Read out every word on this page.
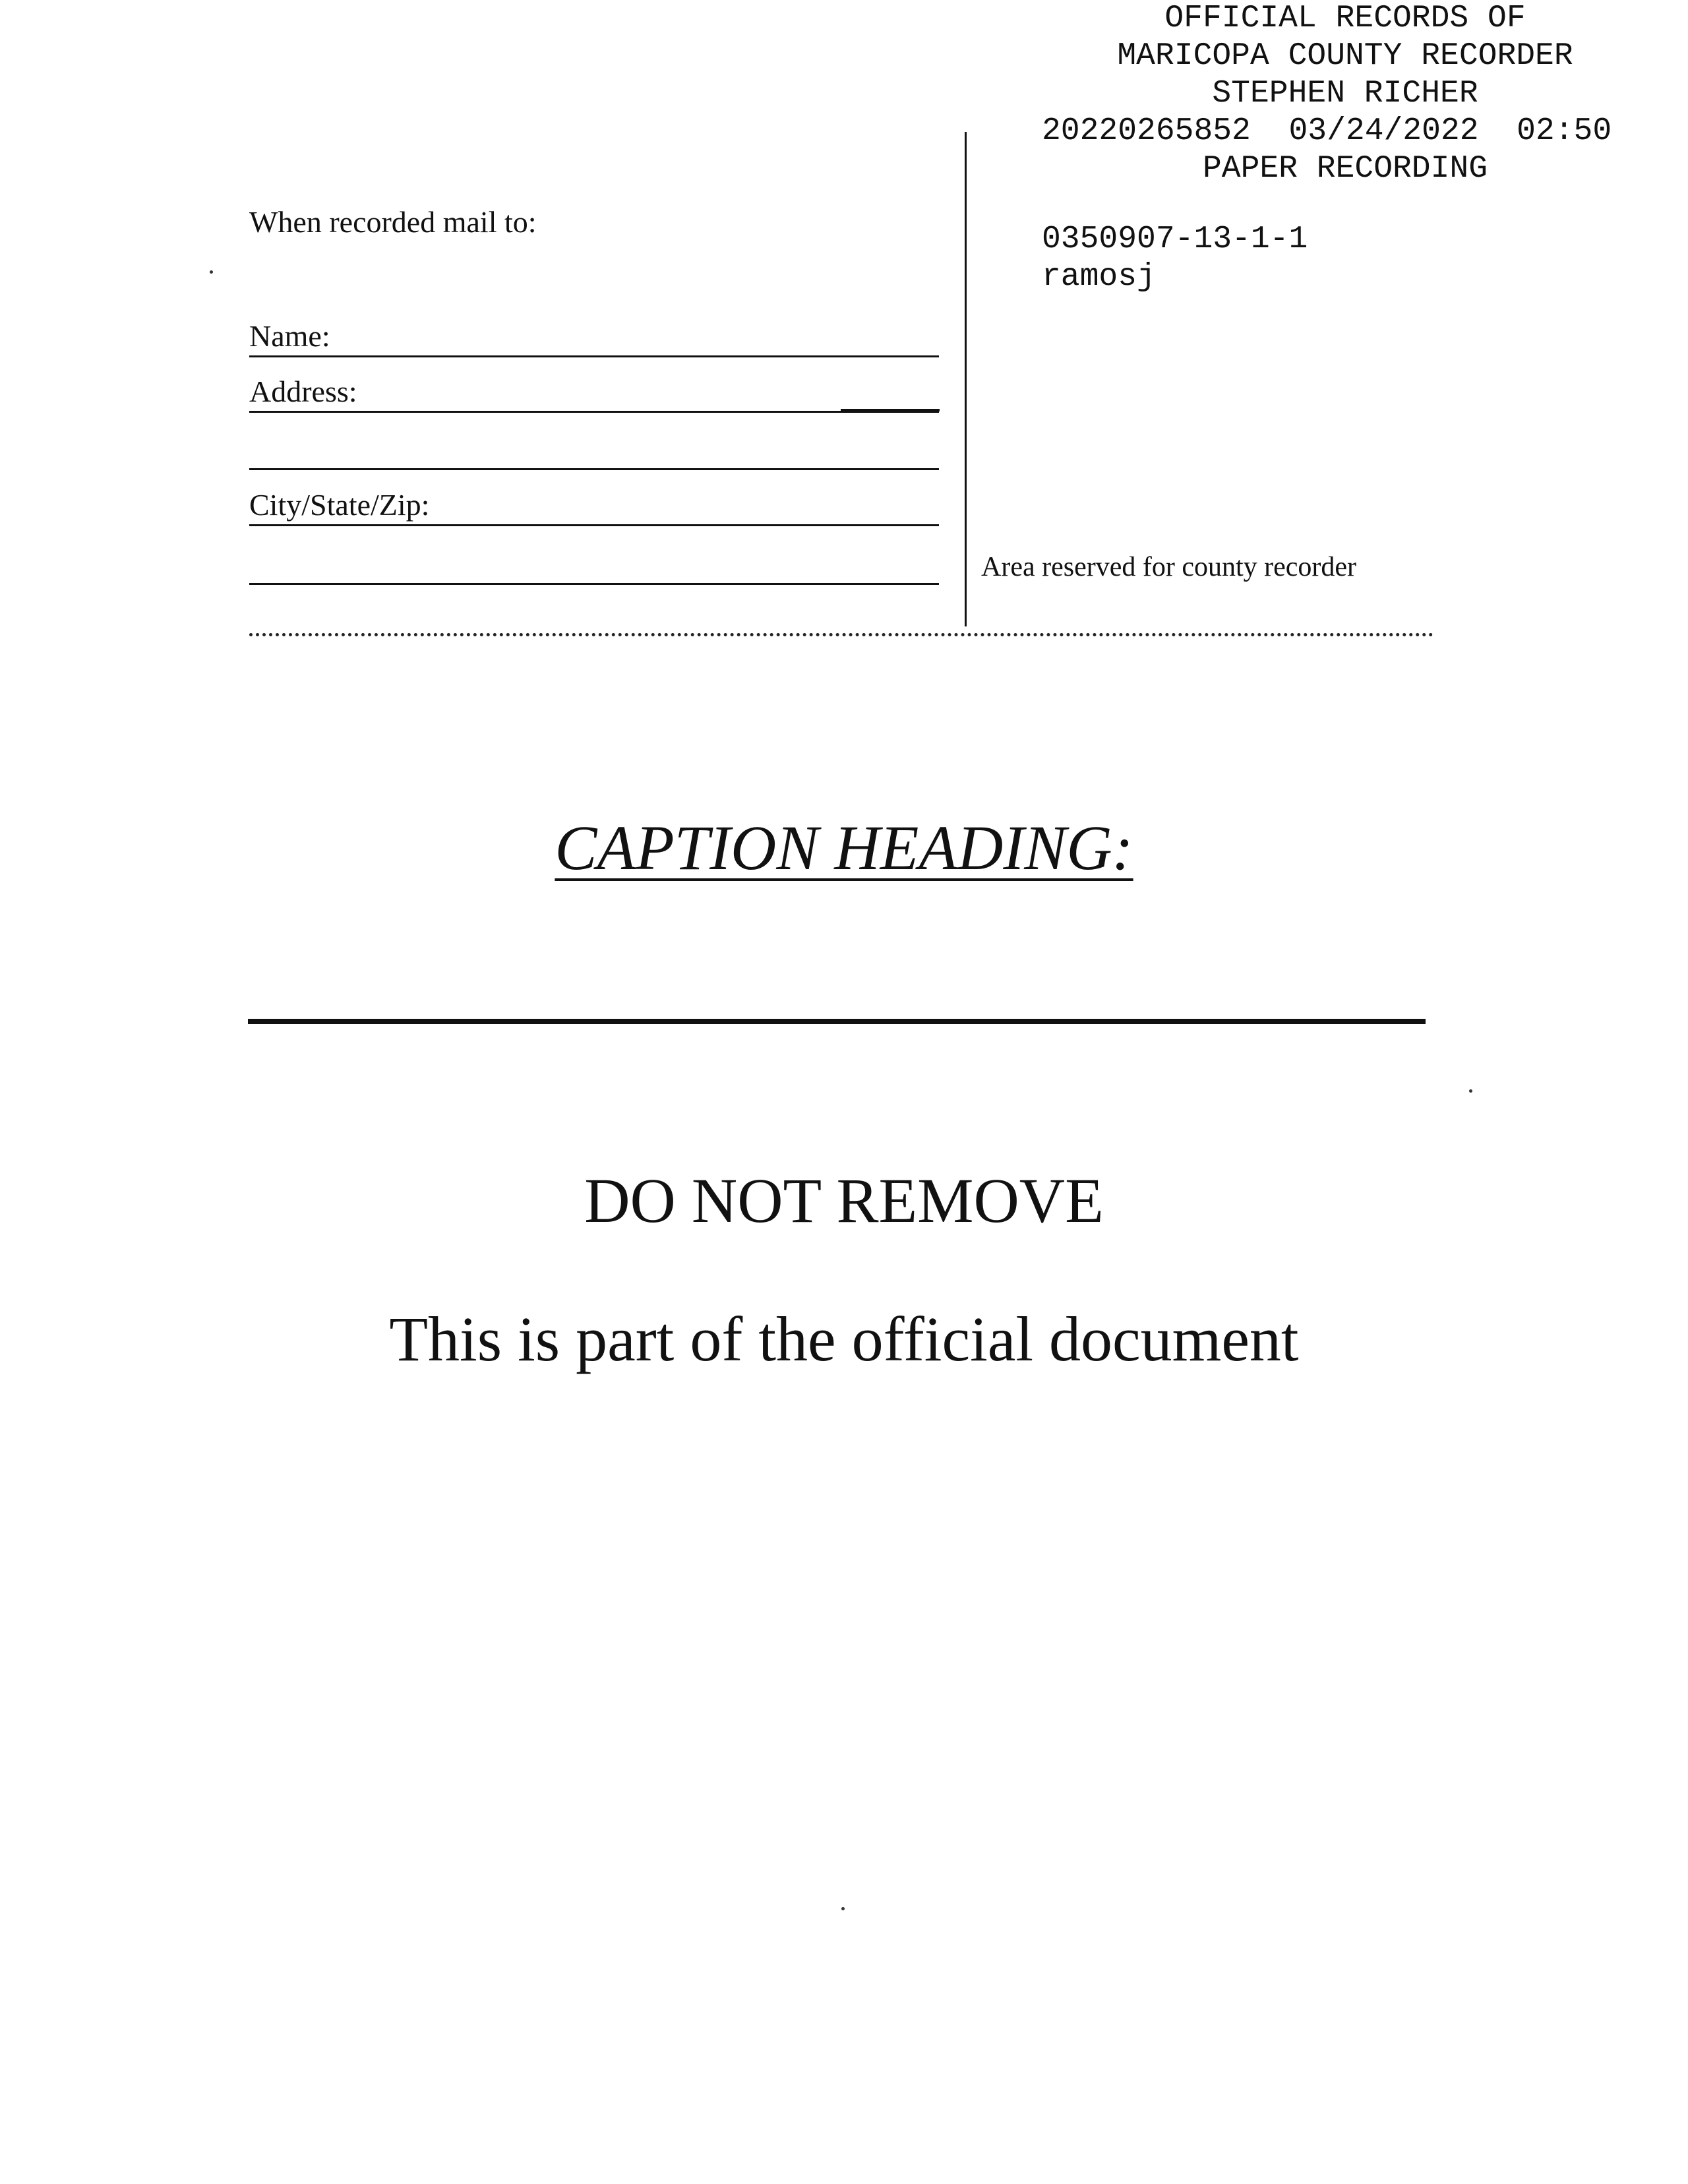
OFFICIAL RECORDS OF
MARICOPA COUNTY RECORDER
STEPHEN RICHER
20220265852 03/24/2022 02:50
PAPER RECORDING
0350907-13-1-1
ramosj
When recorded mail to:
Name:
Address:
City/State/Zip:
Area reserved for county recorder
CAPTION HEADING:
DO NOT REMOVE
This is part of the official document
